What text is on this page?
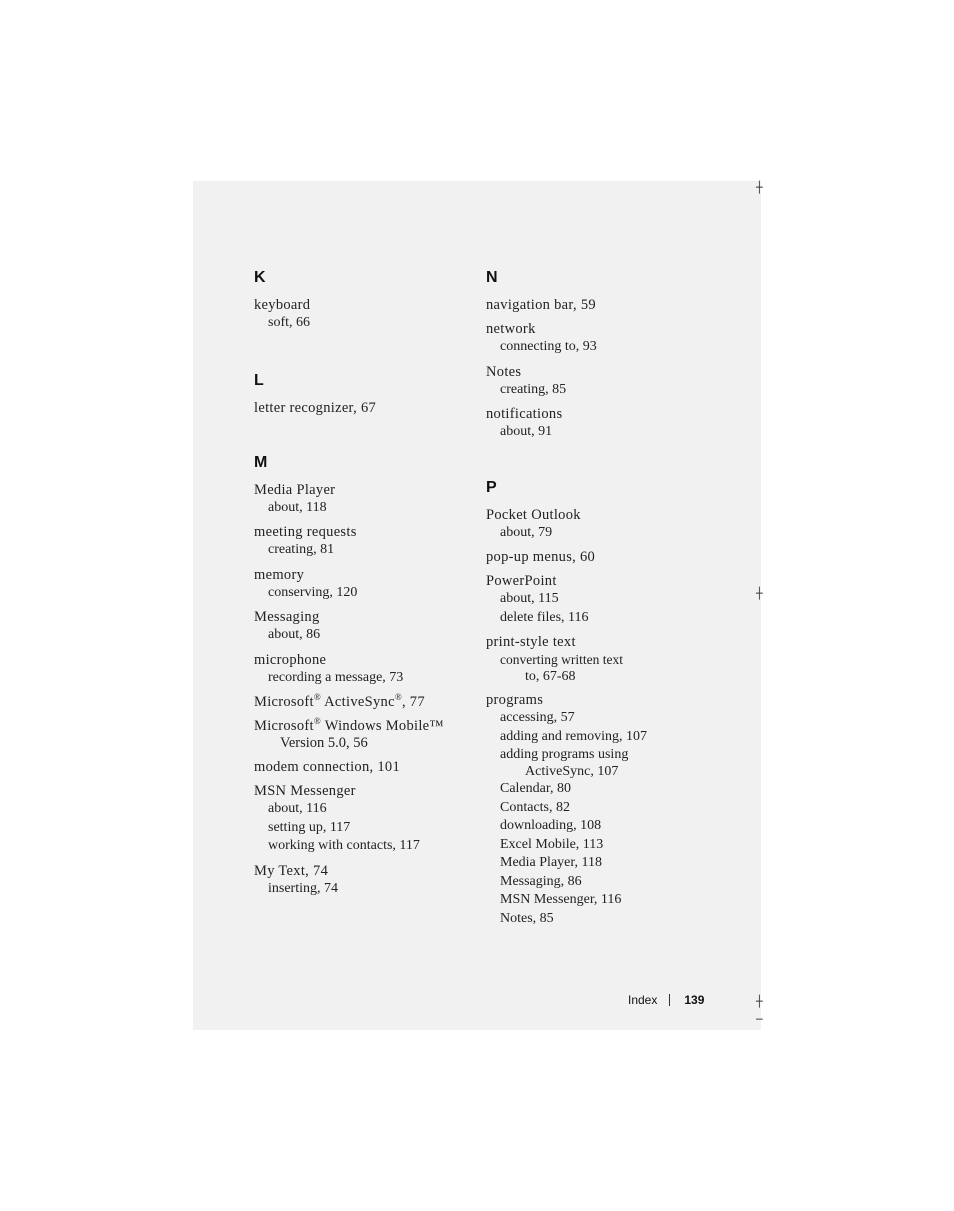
┼
┼
┼
─
K
keyboard
soft, 66
L
letter recognizer, 67
M
Media Player
about, 118
meeting requests
creating, 81
memory
conserving, 120
Messaging
about, 86
microphone
recording a message, 73
Microsoft® ActiveSync®, 77
Microsoft® Windows Mobile™
Version 5.0, 56
modem connection, 101
MSN Messenger
about, 116
setting up, 117
working with contacts, 117
My Text, 74
inserting, 74
N
navigation bar, 59
network
connecting to, 93
Notes
creating, 85
notifications
about, 91
P
Pocket Outlook
about, 79
pop-up menus, 60
PowerPoint
about, 115
delete files, 116
print-style text
converting written text
to, 67-68
programs
accessing, 57
adding and removing, 107
adding programs using
ActiveSync, 107
Calendar, 80
Contacts, 82
downloading, 108
Excel Mobile, 113
Media Player, 118
Messaging, 86
MSN Messenger, 116
Notes, 85
Index 139
